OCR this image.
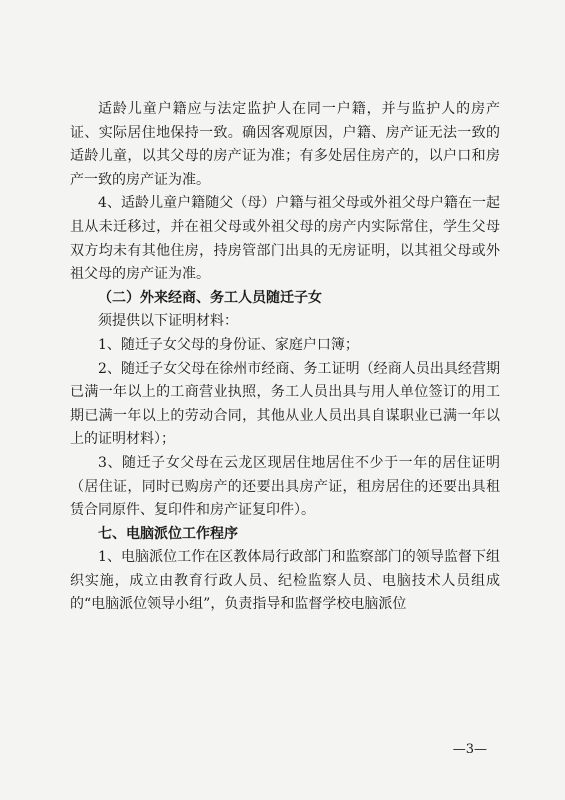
适龄儿童户籍应与法定监护人在同一户籍，并与监护人的房产证、实际居住地保持一致。确因客观原因，户籍、房产证无法一致的适龄儿童，以其父母的房产证为准；有多处居住房产的，以户口和房产一致的房产证为准。

4、适龄儿童户籍随父（母）户籍与祖父母或外祖父母户籍在一起且从未迁移过，并在祖父母或外祖父母的房产内实际常住，学生父母双方均未有其他住房，持房管部门出具的无房证明，以其祖父母或外祖父母的房产证为准。

（二）外来经商、务工人员随迁子女

须提供以下证明材料：

1、随迁子女父母的身份证、家庭户口簿；

2、随迁子女父母在徐州市经商、务工证明（经商人员出具经营期已满一年以上的工商营业执照，务工人员出具与用人单位签订的用工期已满一年以上的劳动合同，其他从业人员出具自谋职业已满一年以上的证明材料）；

3、随迁子女父母在云龙区现居住地居住不少于一年的居住证明（居住证，同时已购房产的还要出具房产证，租房居住的还要出具租赁合同原件、复印件和房产证复印件）。

七、电脑派位工作程序

1、电脑派位工作在区教体局行政部门和监察部门的领导监督下组织实施，成立由教育行政人员、纪检监察人员、电脑技术人员组成的“电脑派位领导小组”，负责指导和监督学校电脑派位

—3—
